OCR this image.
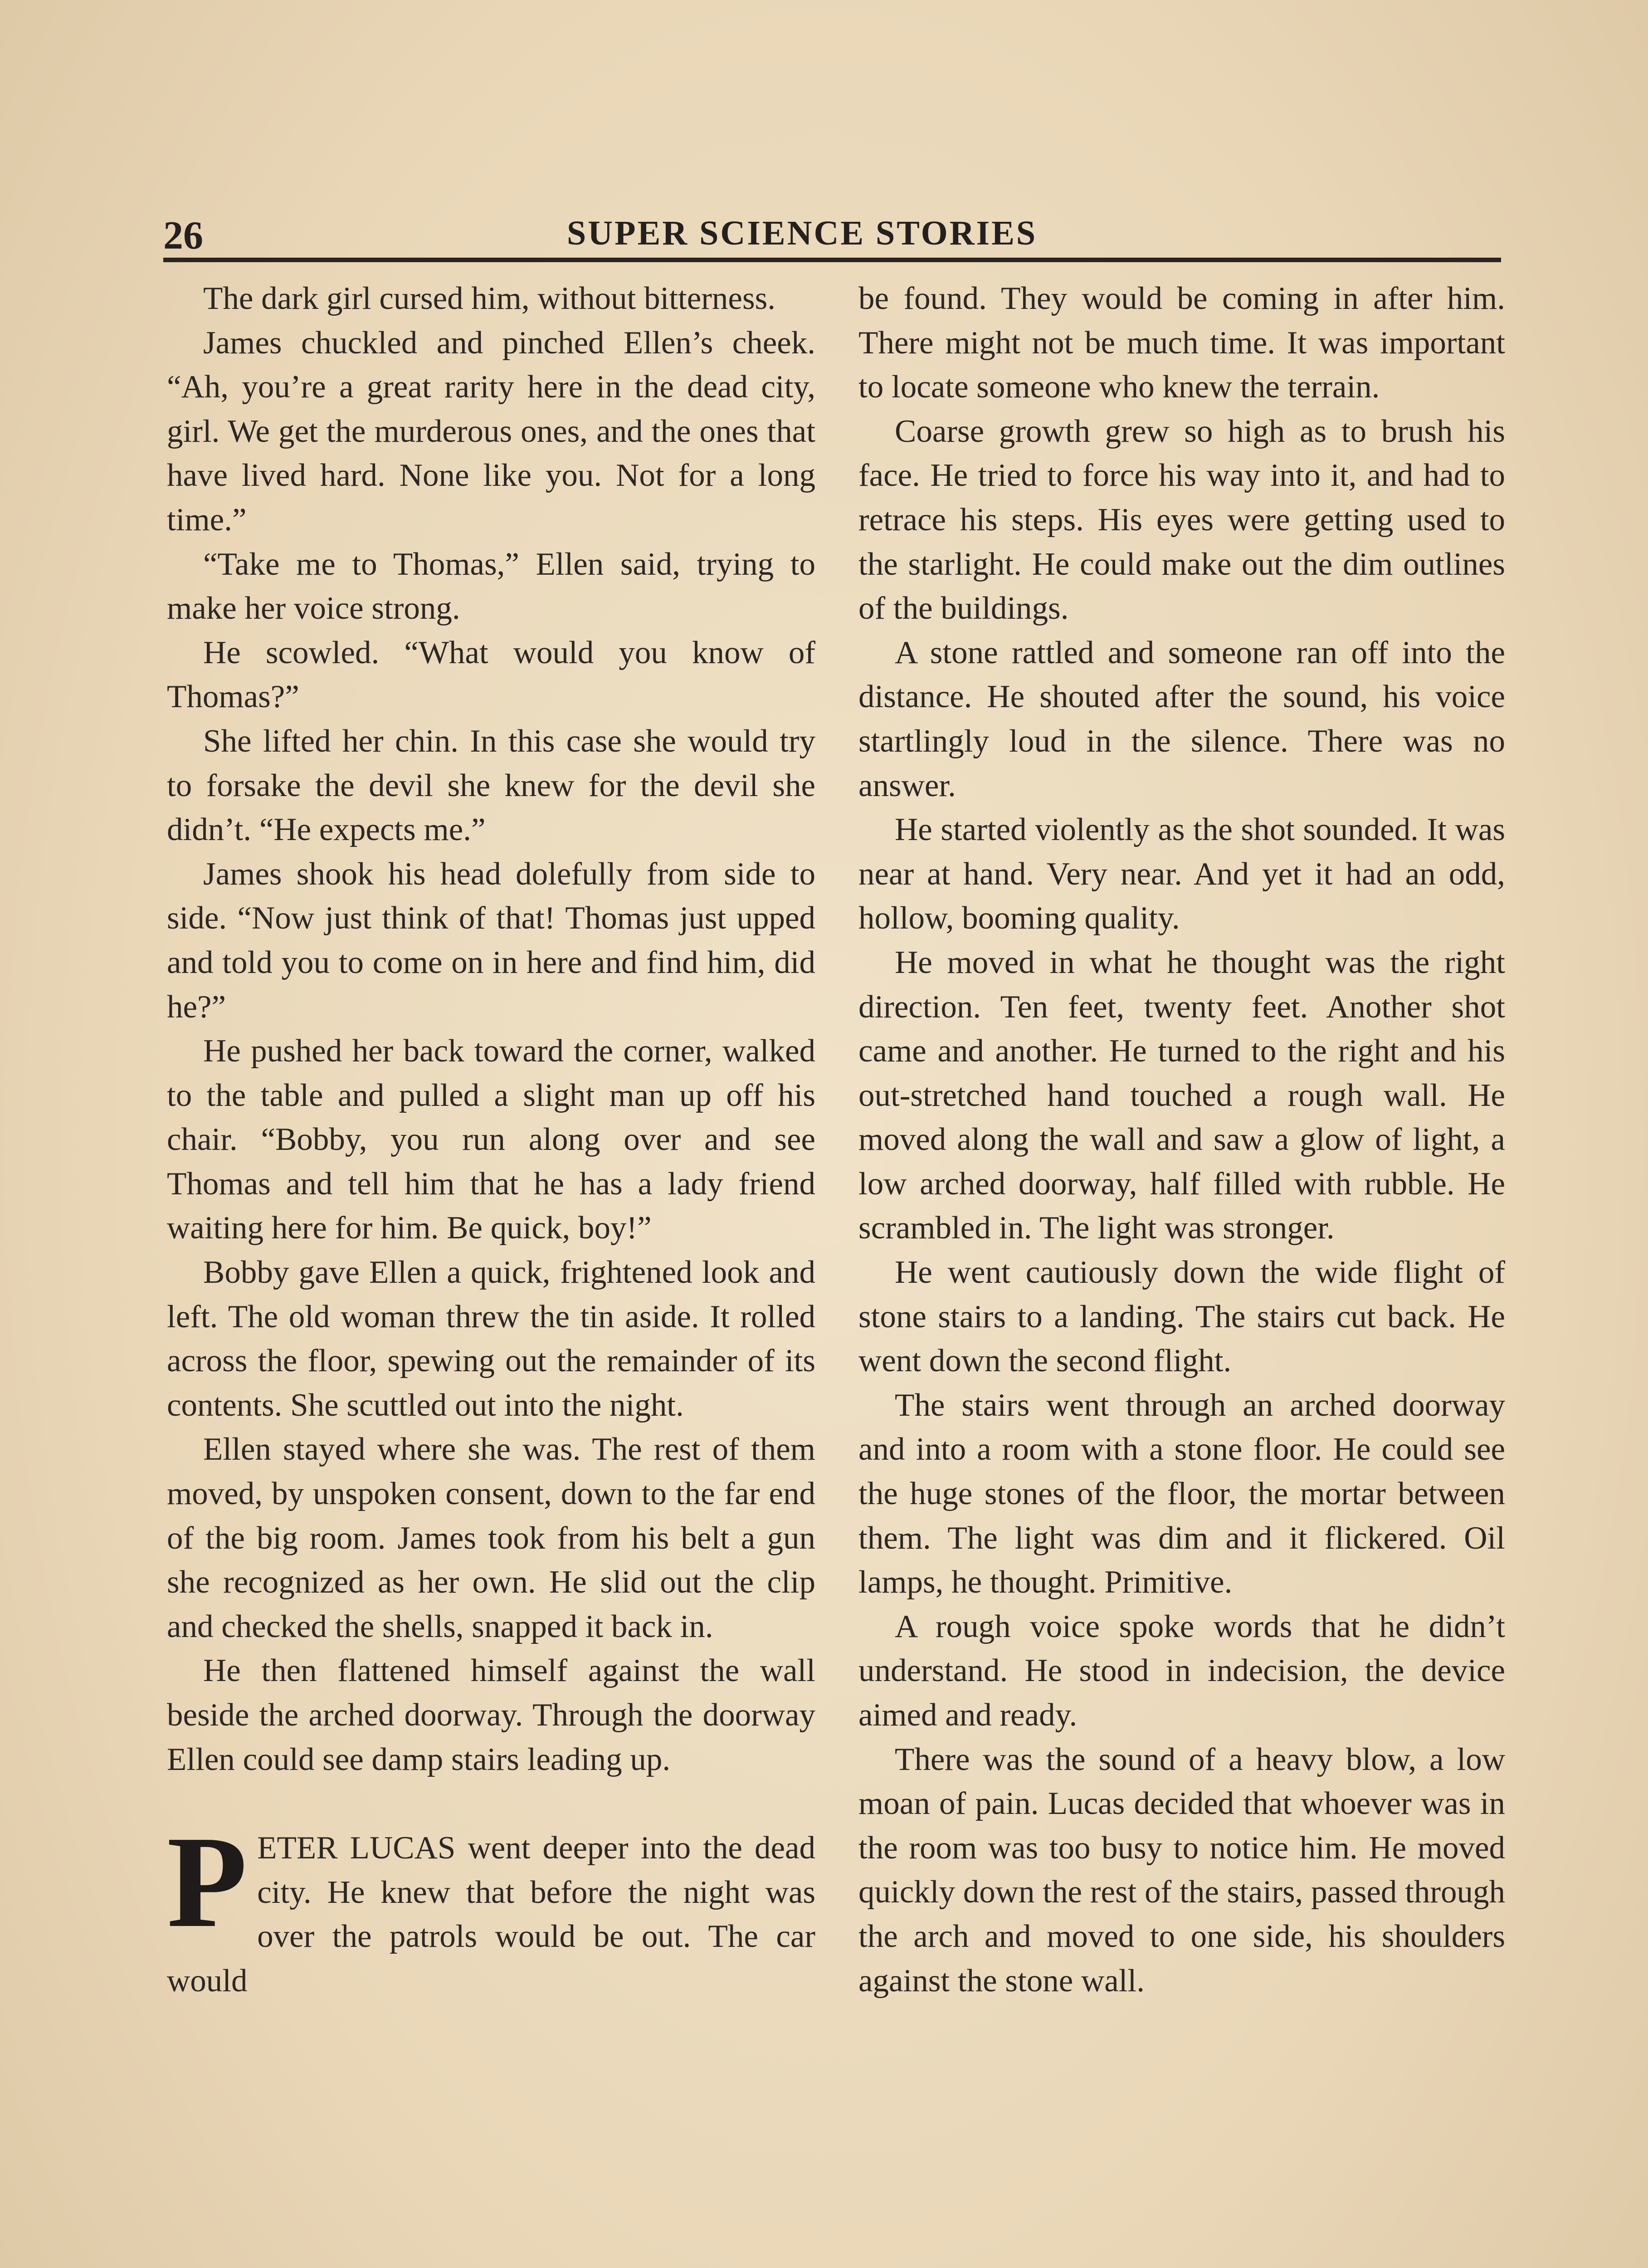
26	SUPER SCIENCE STORIES

The dark girl cursed him, without bitterness.

James chuckled and pinched Ellen’s cheek. “Ah, you’re a great rarity here in the dead city, girl. We get the murderous ones, and the ones that have lived hard. None like you. Not for a long time.”

“Take me to Thomas,” Ellen said, trying to make her voice strong.

He scowled. “What would you know of Thomas?”

She lifted her chin. In this case she would try to forsake the devil she knew for the devil she didn’t. “He expects me.”

James shook his head dolefully from side to side. “Now just think of that! Thomas just upped and told you to come on in here and find him, did he?”

He pushed her back toward the corner, walked to the table and pulled a slight man up off his chair. “Bobby, you run along over and see Thomas and tell him that he has a lady friend waiting here for him. Be quick, boy!”

Bobby gave Ellen a quick, frightened look and left. The old woman threw the tin aside. It rolled across the floor, spewing out the remainder of its contents. She scuttled out into the night.

Ellen stayed where she was. The rest of them moved, by unspoken consent, down to the far end of the big room. James took from his belt a gun she recognized as her own. He slid out the clip and checked the shells, snapped it back in.

He then flattened himself against the wall beside the arched doorway. Through the doorway Ellen could see damp stairs leading up.

PETER LUCAS went deeper into the dead city. He knew that before the night was over the patrols would be out. The car would

be found. They would be coming in after him. There might not be much time. It was important to locate someone who knew the terrain.

Coarse growth grew so high as to brush his face. He tried to force his way into it, and had to retrace his steps. His eyes were getting used to the starlight. He could make out the dim outlines of the buildings.

A stone rattled and someone ran off into the distance. He shouted after the sound, his voice startlingly loud in the silence. There was no answer.

He started violently as the shot sounded. It was near at hand. Very near. And yet it had an odd, hollow, booming quality.

He moved in what he thought was the right direction. Ten feet, twenty feet. Another shot came and another. He turned to the right and his out-stretched hand touched a rough wall. He moved along the wall and saw a glow of light, a low arched doorway, half filled with rubble. He scrambled in. The light was stronger.

He went cautiously down the wide flight of stone stairs to a landing. The stairs cut back. He went down the second flight.

The stairs went through an arched doorway and into a room with a stone floor. He could see the huge stones of the floor, the mortar between them. The light was dim and it flickered. Oil lamps, he thought. Primitive.

A rough voice spoke words that he didn’t understand. He stood in indecision, the device aimed and ready.

There was the sound of a heavy blow, a low moan of pain. Lucas decided that whoever was in the room was too busy to notice him. He moved quickly down the rest of the stairs, passed through the arch and moved to one side, his shoulders against the stone wall.
